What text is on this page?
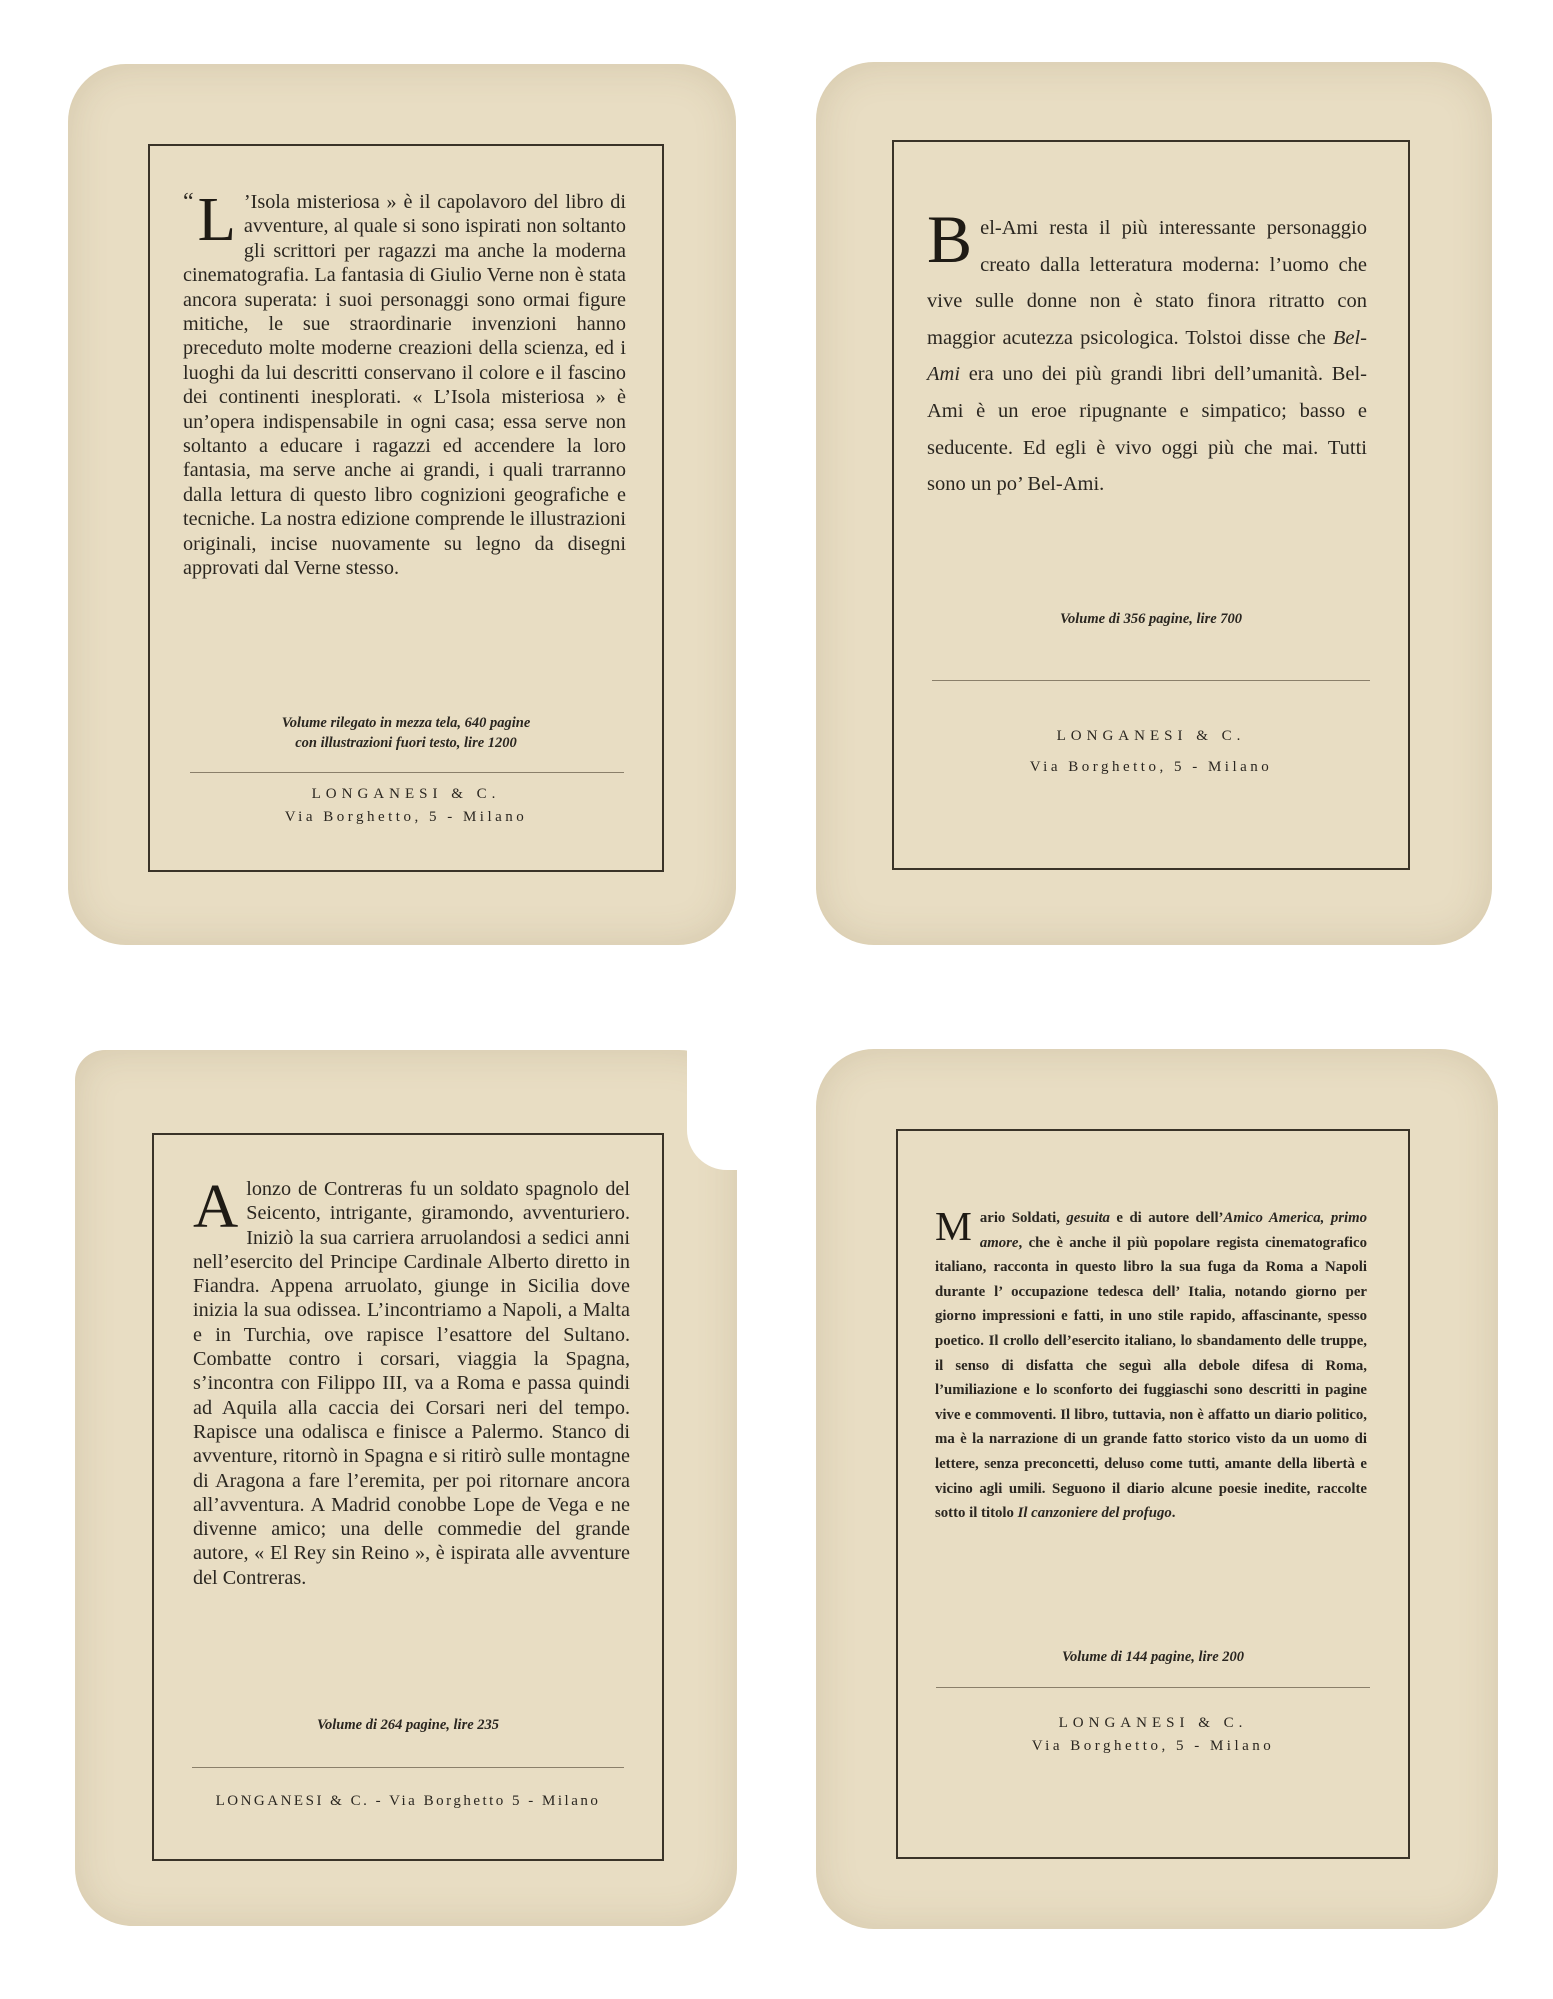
“ L ’Isola misteriosa » è il capolavoro del libro di avventure, al quale si sono ispirati non soltanto gli scrittori per ragazzi ma anche la moderna cinematografia. La fantasia di Giulio Verne non è stata ancora superata: i suoi personaggi sono ormai figure mitiche, le sue straordinarie invenzioni hanno preceduto molte moderne creazioni della scienza, ed i luoghi da lui descritti conservano il colore e il fascino dei continenti inesplorati. « L’Isola misteriosa » è un’opera indispensabile in ogni casa; essa serve non soltanto a educare i ragazzi ed accendere la loro fantasia, ma serve anche ai grandi, i quali trarranno dalla lettura di questo libro cognizioni geografiche e tecniche. La nostra edizione comprende le illustrazioni originali, incise nuovamente su legno da disegni approvati dal Verne stesso.
Volume rilegato in mezza tela, 640 pagine
con illustrazioni fuori testo, lire 1200
LONGANESI & C.
Via Borghetto, 5 - Milano
Bel-Ami resta il più interessante personaggio creato dalla letteratura moderna: l’uomo che vive sulle donne non è stato finora ritratto con maggior acutezza psicologica. Tolstoi disse che Bel-Ami era uno dei più grandi libri dell’umanità. Bel-Ami è un eroe ripugnante e simpatico; basso e seducente. Ed egli è vivo oggi più che mai. Tutti sono un po’ Bel-Ami.
Volume di 356 pagine, lire 700
LONGANESI & C.
Via Borghetto, 5 - Milano
Alonzo de Contreras fu un soldato spagnolo del Seicento, intrigante, giramondo, avventuriero. Iniziò la sua carriera arruolandosi a sedici anni nell’esercito del Principe Cardinale Alberto diretto in Fiandra. Appena arruolato, giunge in Sicilia dove inizia la sua odissea. L’incontriamo a Napoli, a Malta e in Turchia, ove rapisce l’esattore del Sultano. Combatte contro i corsari, viaggia la Spagna, s’incontra con Filippo III, va a Roma e passa quindi ad Aquila alla caccia dei Corsari neri del tempo. Rapisce una odalisca e finisce a Palermo. Stanco di avventure, ritornò in Spagna e si ritirò sulle montagne di Aragona a fare l’eremita, per poi ritornare ancora all’avventura. A Madrid conobbe Lope de Vega e ne divenne amico; una delle commedie del grande autore, « El Rey sin Reino », è ispirata alle avventure del Contreras.
Volume di 264 pagine, lire 235
LONGANESI & C. - Via Borghetto 5 - Milano
Mario Soldati, gesuita e di autore dell’Amico America, primo amore, che è anche il più popolare regista cinematografico italiano, racconta in questo libro la sua fuga da Roma a Napoli durante l’ occupazione tedesca dell’ Italia, notando giorno per giorno impressioni e fatti, in uno stile rapido, affascinante, spesso poetico. Il crollo dell’esercito italiano, lo sbandamento delle truppe, il senso di disfatta che seguì alla debole difesa di Roma, l’umiliazione e lo sconforto dei fuggiaschi sono descritti in pagine vive e commoventi. Il libro, tuttavia, non è affatto un diario politico, ma è la narrazione di un grande fatto storico visto da un uomo di lettere, senza preconcetti, deluso come tutti, amante della libertà e vicino agli umili. Seguono il diario alcune poesie inedite, raccolte sotto il titolo Il canzoniere del profugo.
Volume di 144 pagine, lire 200
LONGANESI & C.
Via Borghetto, 5 - Milano
